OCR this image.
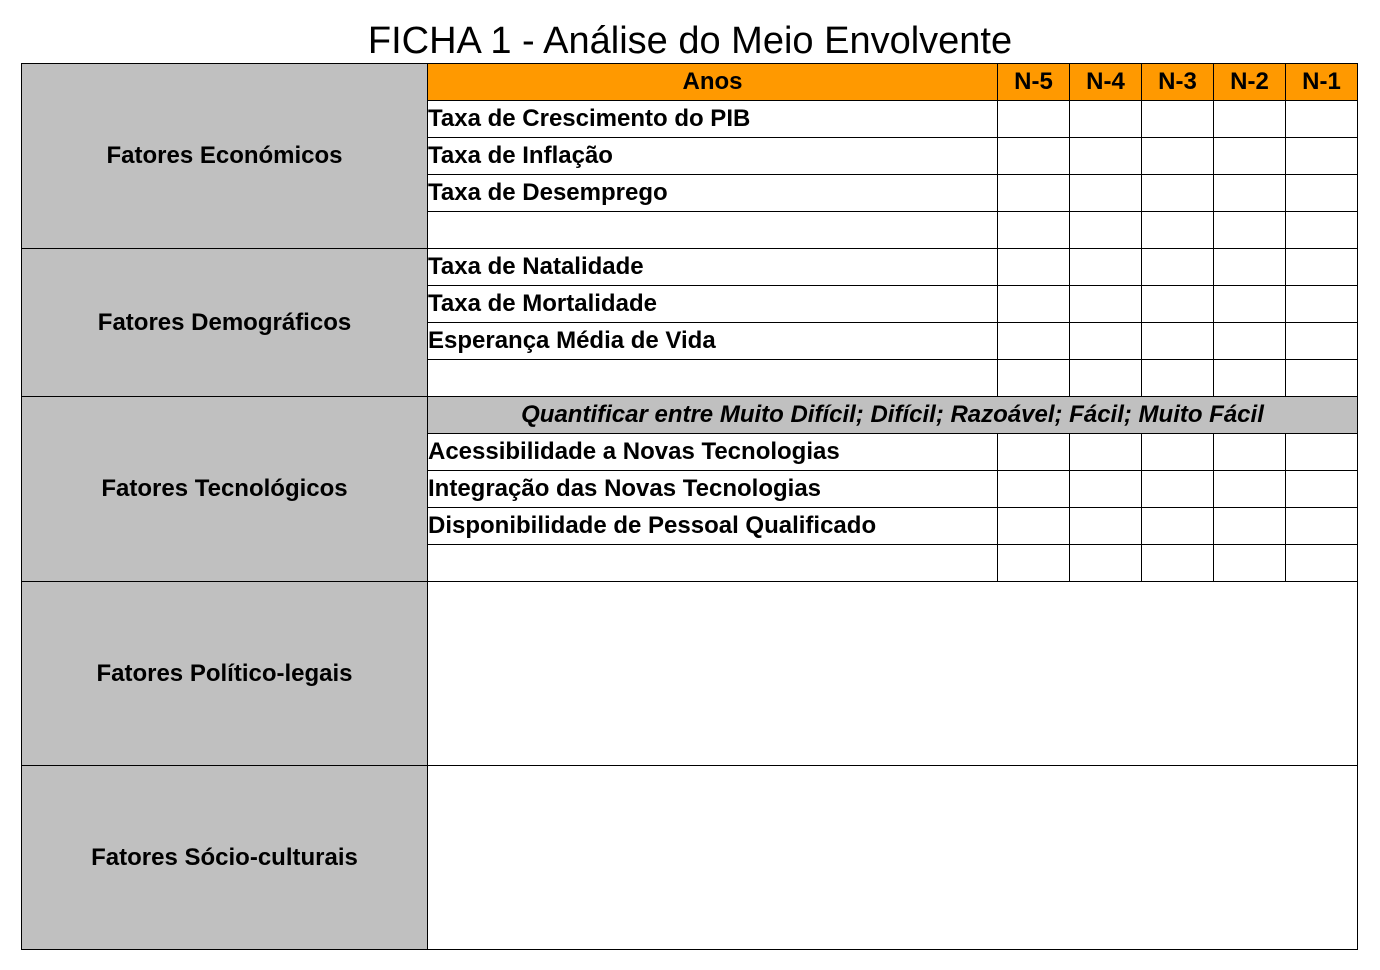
FICHA 1 - Análise do Meio Envolvente
Fatores Económicos	Anos	N-5	N-4	N-3	N-2	N-1
	Taxa de Crescimento do PIB					
	Taxa de Inflação					
	Taxa de Desemprego					

Fatores Demográficos	Taxa de Natalidade					
	Taxa de Mortalidade					
	Esperança Média de Vida					

Fatores Tecnológicos	Quantificar entre Muito Difícil; Difícil; Razoável; Fácil; Muito Fácil					
	Acessibilidade a Novas Tecnologias					
	Integração das Novas Tecnologias					
	Disponibilidade de Pessoal Qualificado					

Fatores Político-legais						
Fatores Sócio-culturais						
